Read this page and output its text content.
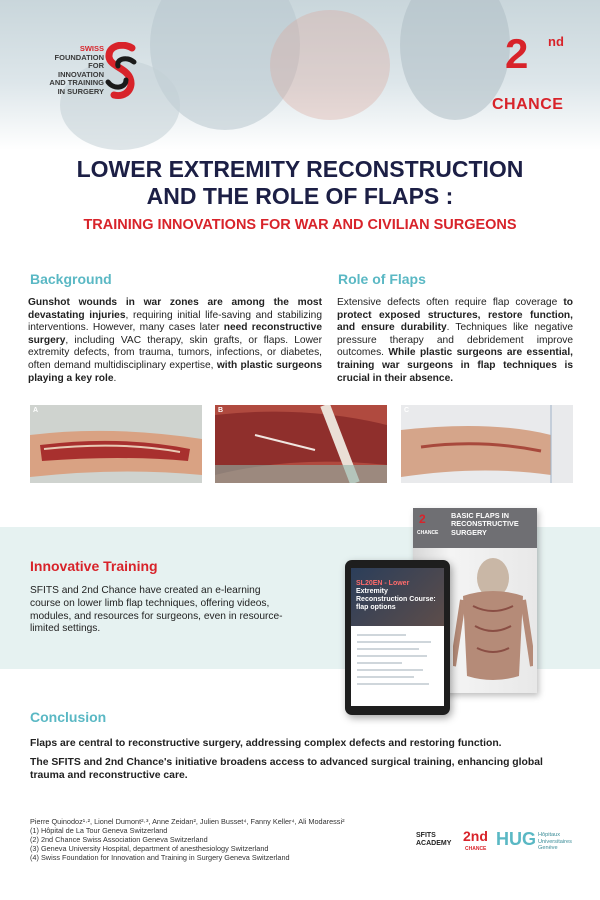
SWISS
FOUNDATION
FOR INNOVATION
AND TRAINING
IN SURGERY
2 nd
CHANCE
LOWER EXTREMITY RECONSTRUCTION
AND THE ROLE OF FLAPS :
TRAINING INNOVATIONS FOR WAR AND CIVILIAN SURGEONS
Background
Gunshot wounds in war zones are among the most devastating injuries, requiring initial life-saving and stabilizing interventions. However, many cases later need reconstructive surgery, including VAC therapy, skin grafts, or flaps. Lower extremity defects, from trauma, tumors, infections, or diabetes, often demand multidisciplinary expertise, with plastic surgeons playing a key role.
Role of Flaps
Extensive defects often require flap coverage to protect exposed structures, restore function, and ensure durability. Techniques like negative pressure therapy and debridement improve outcomes. While plastic surgeons are essential, training war surgeons in flap techniques is crucial in their absence.
A	B	C
Innovative Training
SFITS and 2nd Chance have created an e-learning course on lower limb flap techniques, offering videos, modules, and resources for surgeons, even in resource-limited settings.
2
CHANCE
BASIC FLAPS IN RECONSTRUCTIVE SURGERY
SL20EN - Lower Extremity Reconstruction Course: flap options
Conclusion
Flaps are central to reconstructive surgery, addressing complex defects and restoring function.
The SFITS and 2nd Chance's initiative broadens access to advanced surgical training, enhancing global trauma and reconstructive care.
Pierre Quinodoz¹·², Lionel Dumont²·³, Anne Zeidan², Julien Busset⁴, Fanny Keller⁴, Ali Modaressi²
(1) Hôpital de La Tour Geneva Switzerland
(2) 2nd Chance Swiss Association Geneva Switzerland
(3) Geneva University Hospital, department of anesthesiology Switzerland
(4) Swiss Foundation for Innovation and Training in Surgery Geneva Switzerland
SFITS
ACADEMY 2nd
CHANCE HUG Hôpitaux
Universitaires
Genève
